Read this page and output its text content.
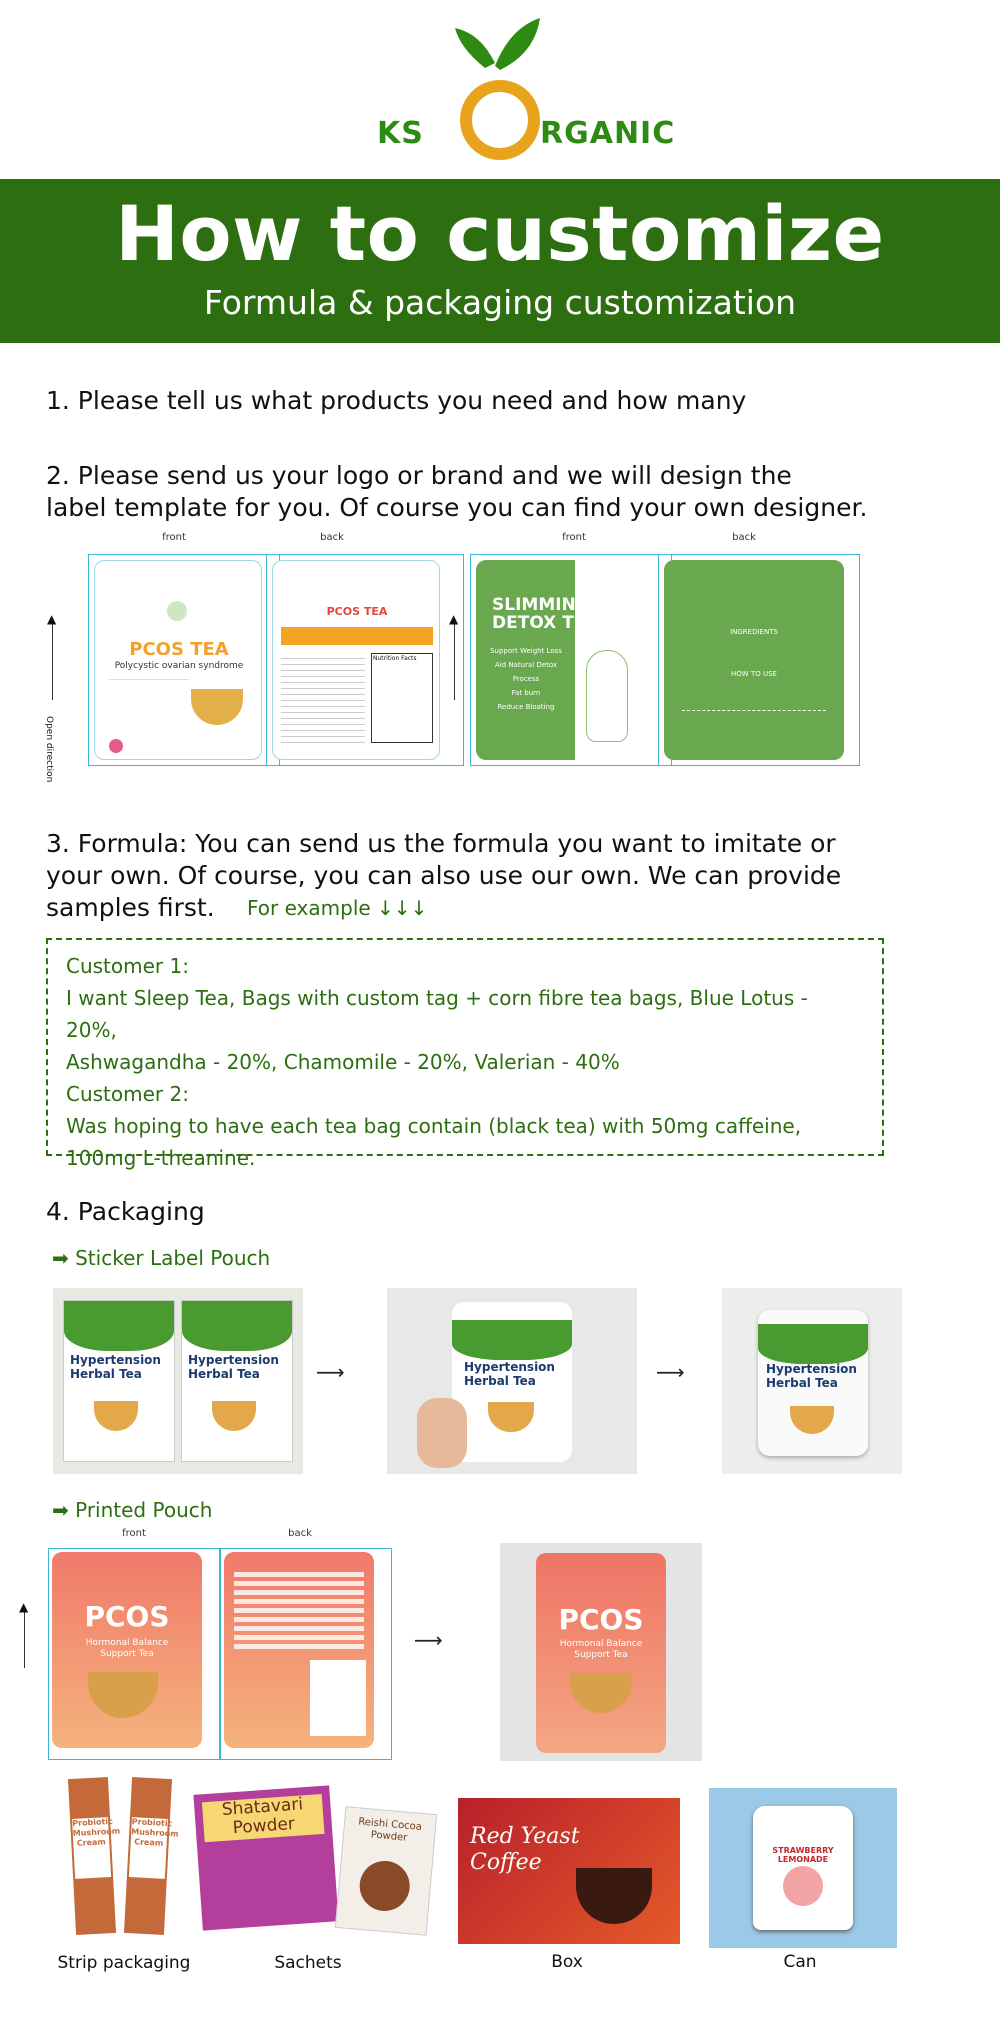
KS	RGANIC
How to customize
Formula & packaging customization
1. Please tell us what products you need and how many
2. Please send us your logo or brand and we will design the
label template for you. Of course you can find your own designer.
▲
Open direction
front
PCOS TEA
Polycystic ovarian syndrome
back
PCOS TEA
Nutrition Facts
▲
front
SLIMMING
DETOX TEA
Support Weight Loss
Aid Natural Detox Process
Fat burn
Reduce Bloating
back
INGREDIENTS
HOW TO USE
3. Formula: You can send us the formula you want to imitate or
your own. Of course, you can also use our own. We can provide
samples first. For example ↓↓↓
Customer 1:
I want Sleep Tea, Bags with custom tag + corn fibre tea bags, Blue Lotus - 20%,
Ashwagandha - 20%, Chamomile - 20%, Valerian - 40%
Customer 2:
Was hoping to have each tea bag contain (black tea) with 50mg caffeine,
100mg L-theanine.
4. Packaging
➡ Sticker Label Pouch
Hypertension
Herbal Tea
Hypertension
Herbal Tea	⟶	Hypertension
Herbal Tea	⟶	Hypertension
Herbal Tea
➡ Printed Pouch
▲
front
PCOS
Hormonal Balance
Support Tea
back
⟶
PCOS
Hormonal Balance
Support Tea
Probiotic Mushroom Cream
Probiotic Mushroom Cream
Strip packaging
Shatavari
Powder	Reishi Cocoa
Powder
Sachets
Red Yeast
Coffee
Box
STRAWBERRY LEMONADE
Can
